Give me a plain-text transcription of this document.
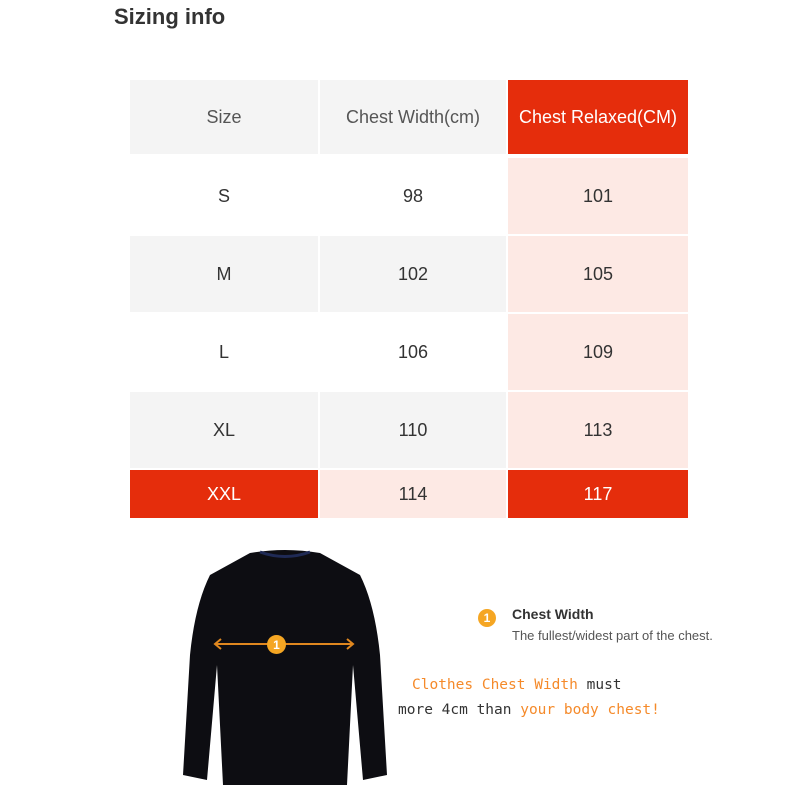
Sizing info
Size	Chest Width(cm)	Chest Relaxed(CM)
S	98	101
M	102	105
L	106	109
XL	110	113
XXL	114	117
1
1	Chest Width
The fullest/widest part of the chest.
Clothes Chest Width must
more 4cm than your body chest!
